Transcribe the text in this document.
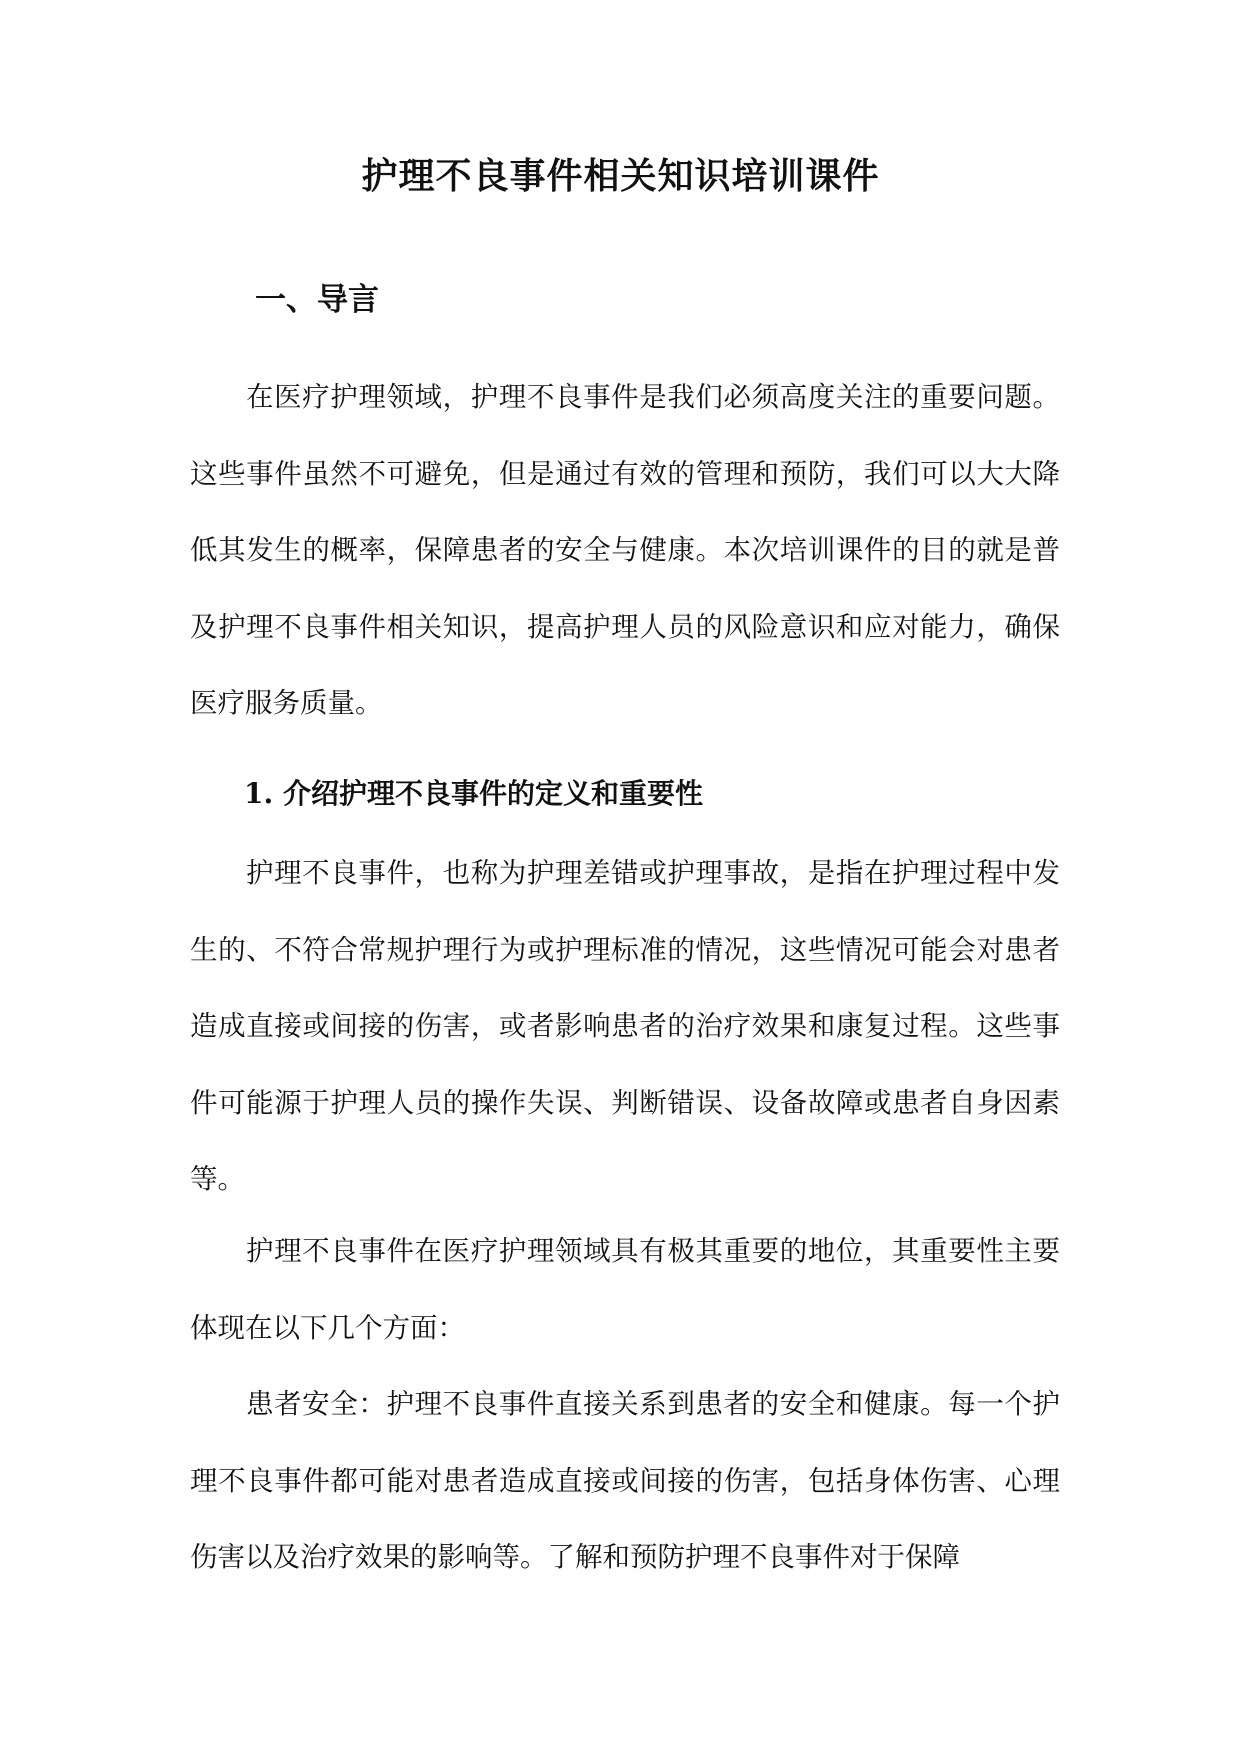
护理不良事件相关知识培训课件
一、导言

在医疗护理领域，护理不良事件是我们必须高度关注的重要问题。这些事件虽然不可避免，但是通过有效的管理和预防，我们可以大大降低其发生的概率，保障患者的安全与健康。本次培训课件的目的就是普及护理不良事件相关知识，提高护理人员的风险意识和应对能力，确保医疗服务质量。

1. 介绍护理不良事件的定义和重要性

护理不良事件，也称为护理差错或护理事故，是指在护理过程中发生的、不符合常规护理行为或护理标准的情况，这些情况可能会对患者造成直接或间接的伤害，或者影响患者的治疗效果和康复过程。这些事件可能源于护理人员的操作失误、判断错误、设备故障或患者自身因素等。

护理不良事件在医疗护理领域具有极其重要的地位，其重要性主要体现在以下几个方面：

患者安全：护理不良事件直接关系到患者的安全和健康。每一个护理不良事件都可能对患者造成直接或间接的伤害，包括身体伤害、心理伤害以及治疗效果的影响等。了解和预防护理不良事件对于保障
